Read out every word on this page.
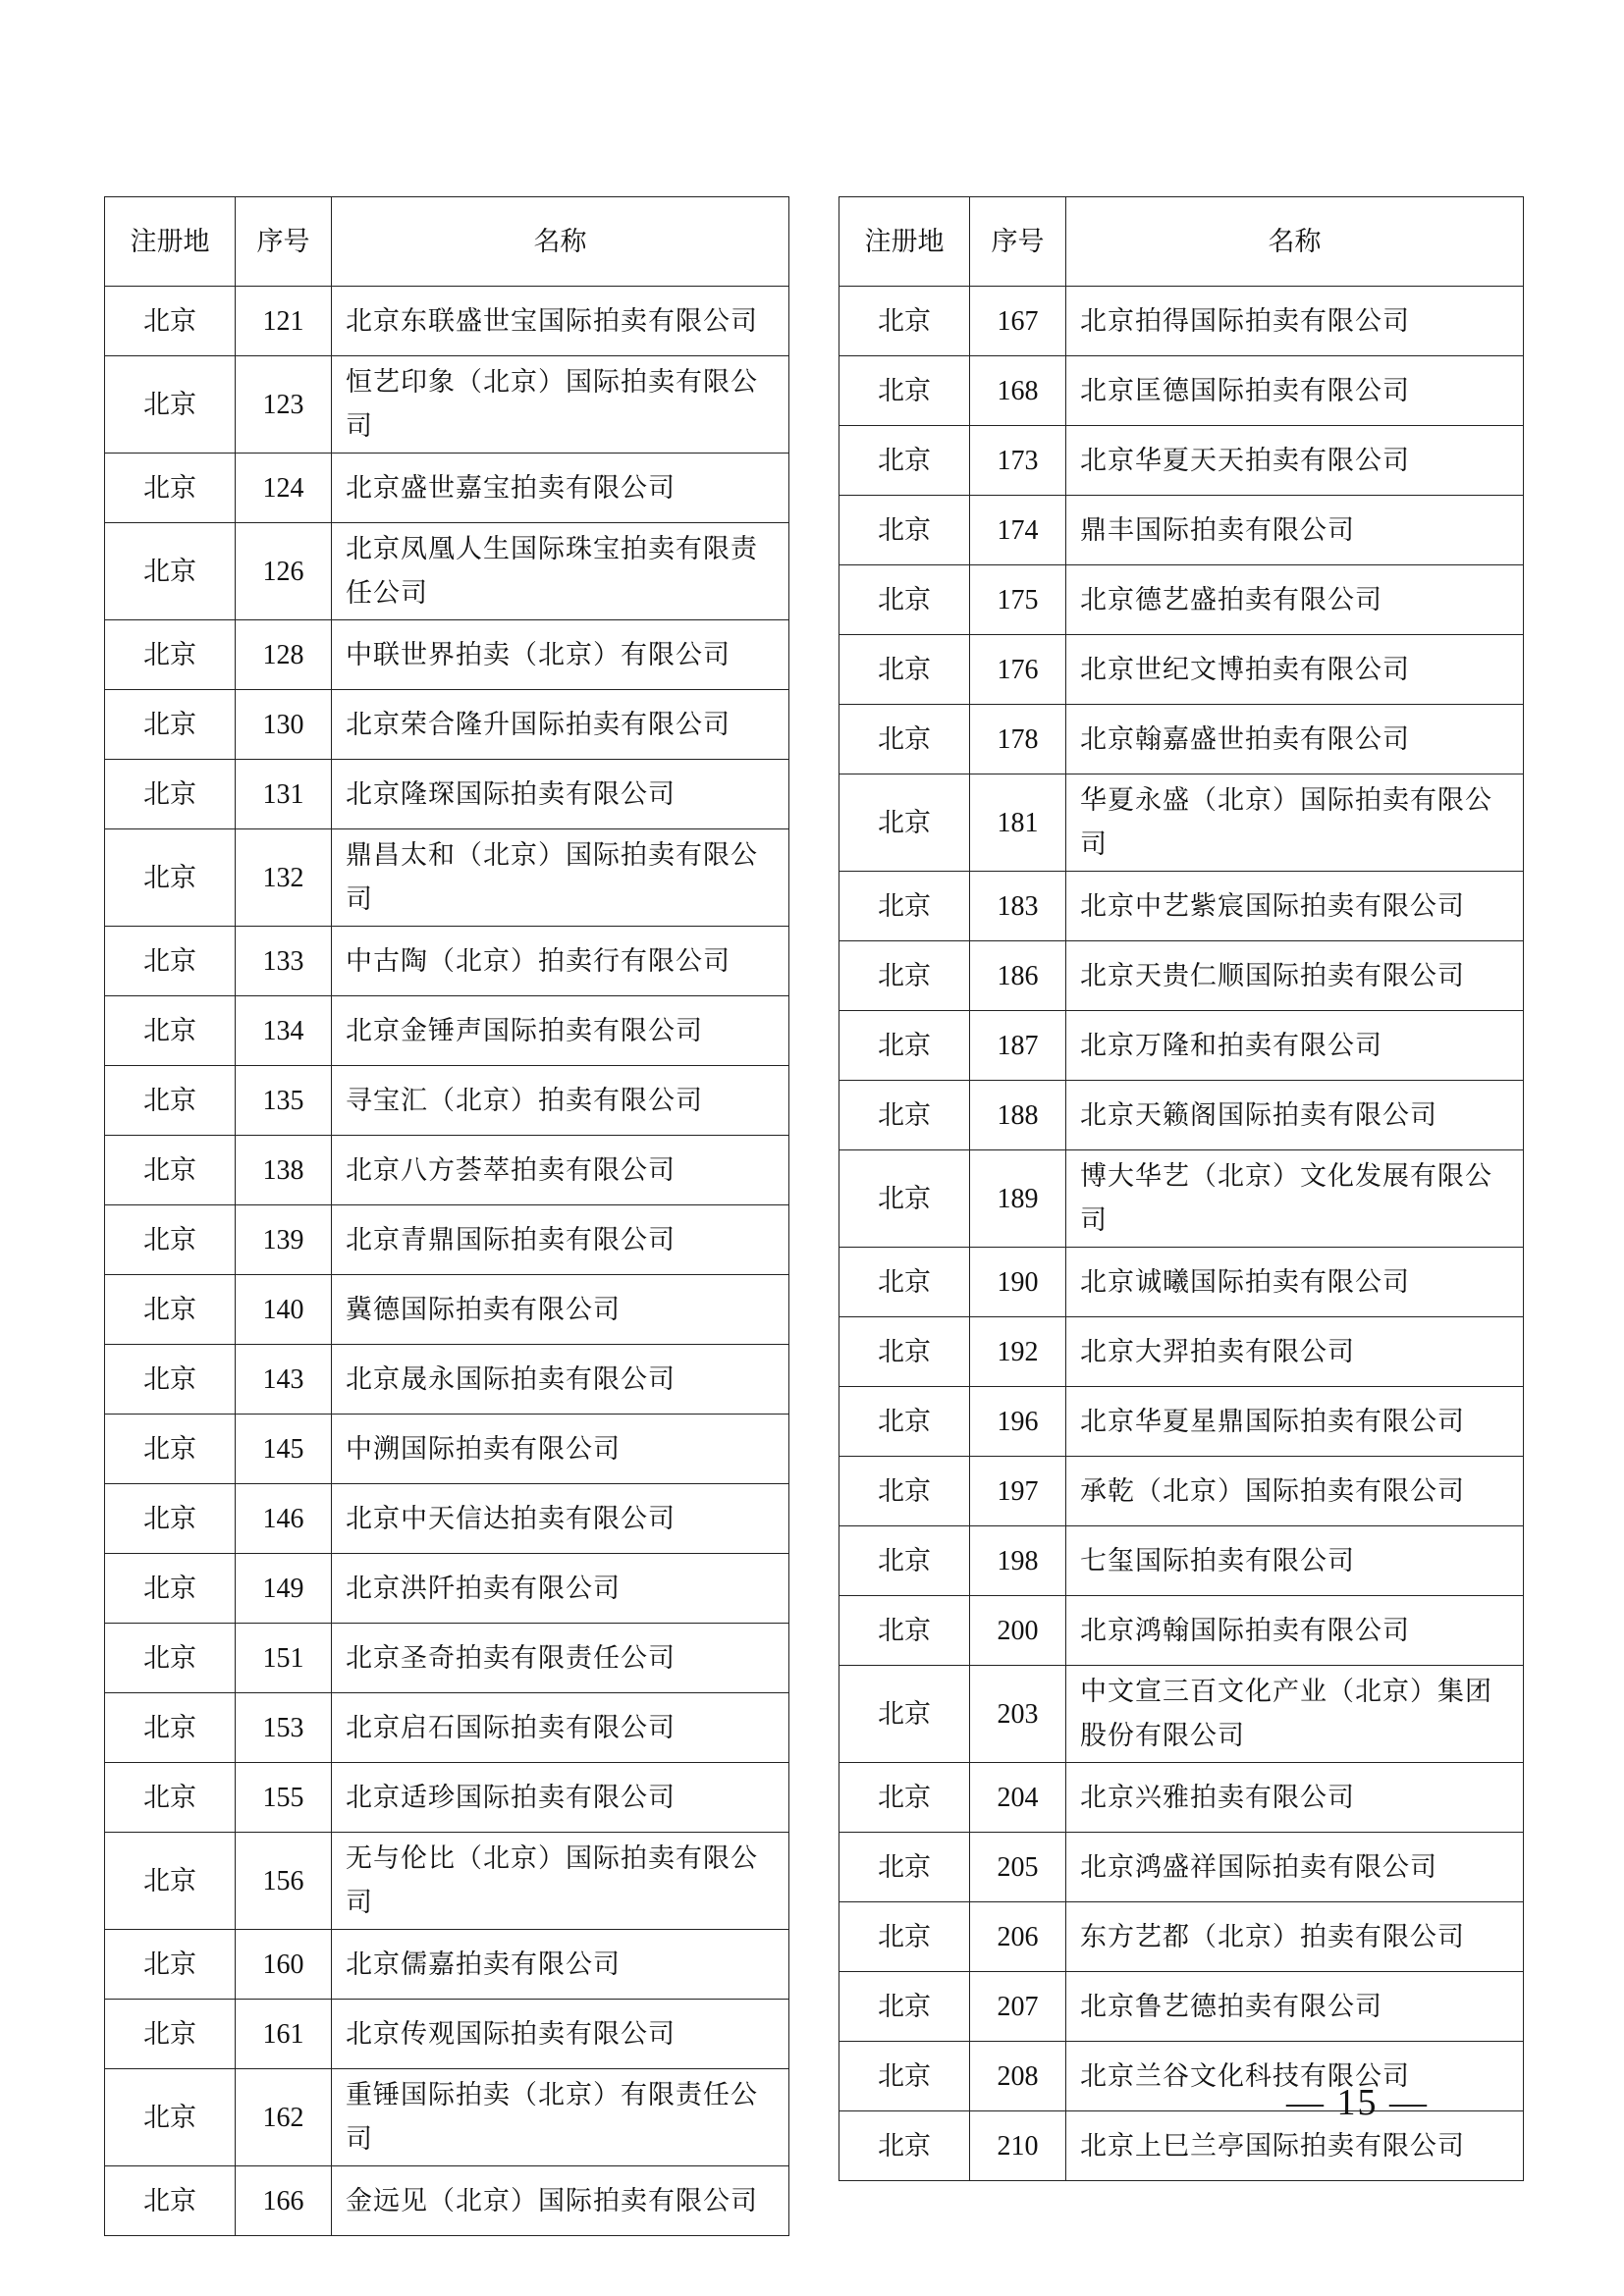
注册地	序号	名称
北京	121	北京东联盛世宝国际拍卖有限公司
北京	123	恒艺印象（北京）国际拍卖有限公司
北京	124	北京盛世嘉宝拍卖有限公司
北京	126	北京凤凰人生国际珠宝拍卖有限责任公司
北京	128	中联世界拍卖（北京）有限公司
北京	130	北京荣合隆升国际拍卖有限公司
北京	131	北京隆琛国际拍卖有限公司
北京	132	鼎昌太和（北京）国际拍卖有限公司
北京	133	中古陶（北京）拍卖行有限公司
北京	134	北京金锤声国际拍卖有限公司
北京	135	寻宝汇（北京）拍卖有限公司
北京	138	北京八方荟萃拍卖有限公司
北京	139	北京青鼎国际拍卖有限公司
北京	140	冀德国际拍卖有限公司
北京	143	北京晟永国际拍卖有限公司
北京	145	中溯国际拍卖有限公司
北京	146	北京中天信达拍卖有限公司
北京	149	北京洪阡拍卖有限公司
北京	151	北京圣奇拍卖有限责任公司
北京	153	北京启石国际拍卖有限公司
北京	155	北京适珍国际拍卖有限公司
北京	156	无与伦比（北京）国际拍卖有限公司
北京	160	北京儒嘉拍卖有限公司
北京	161	北京传观国际拍卖有限公司
北京	162	重锤国际拍卖（北京）有限责任公司
北京	166	金远见（北京）国际拍卖有限公司
注册地	序号	名称
北京	167	北京拍得国际拍卖有限公司
北京	168	北京匡德国际拍卖有限公司
北京	173	北京华夏天天拍卖有限公司
北京	174	鼎丰国际拍卖有限公司
北京	175	北京德艺盛拍卖有限公司
北京	176	北京世纪文博拍卖有限公司
北京	178	北京翰嘉盛世拍卖有限公司
北京	181	华夏永盛（北京）国际拍卖有限公司
北京	183	北京中艺紫宸国际拍卖有限公司
北京	186	北京天贵仁顺国际拍卖有限公司
北京	187	北京万隆和拍卖有限公司
北京	188	北京天籁阁国际拍卖有限公司
北京	189	博大华艺（北京）文化发展有限公司
北京	190	北京诚曦国际拍卖有限公司
北京	192	北京大羿拍卖有限公司
北京	196	北京华夏星鼎国际拍卖有限公司
北京	197	承乾（北京）国际拍卖有限公司
北京	198	七玺国际拍卖有限公司
北京	200	北京鸿翰国际拍卖有限公司
北京	203	中文宣三百文化产业（北京）集团股份有限公司
北京	204	北京兴雅拍卖有限公司
北京	205	北京鸿盛祥国际拍卖有限公司
北京	206	东方艺都（北京）拍卖有限公司
北京	207	北京鲁艺德拍卖有限公司
北京	208	北京兰谷文化科技有限公司
北京	210	北京上巳兰亭国际拍卖有限公司
— 15 —
